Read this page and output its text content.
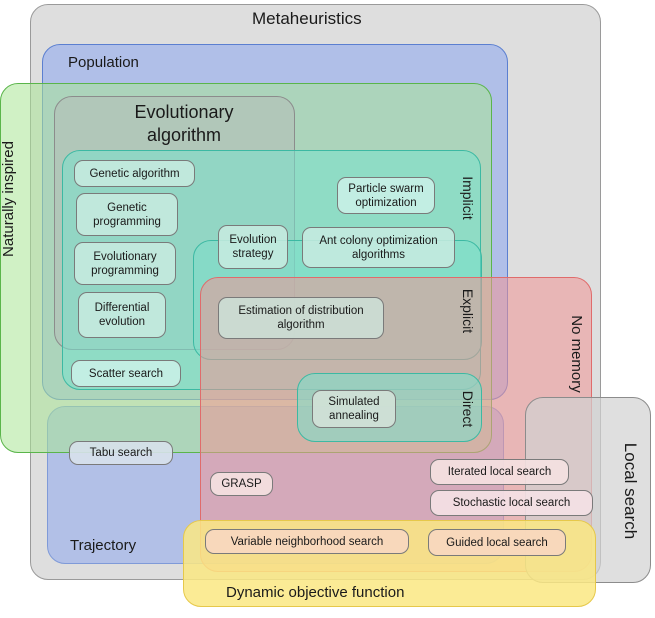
Metaheuristics
Population
Evolutionary
algorithm
Trajectory
Dynamic objective function
Naturally inspired	Implicit
Explicit
Direct
No memory
Local search
Genetic algorithm
Genetic
programming
Evolutionary
programming
Differential
evolution
Scatter search
Evolution
strategy
Particle swarm
optimization
Ant colony optimization
algorithms
Estimation of distribution
algorithm
Simulated
annealing
Tabu search
GRASP
Iterated local search
Stochastic local search
Variable neighborhood search	Guided local search
